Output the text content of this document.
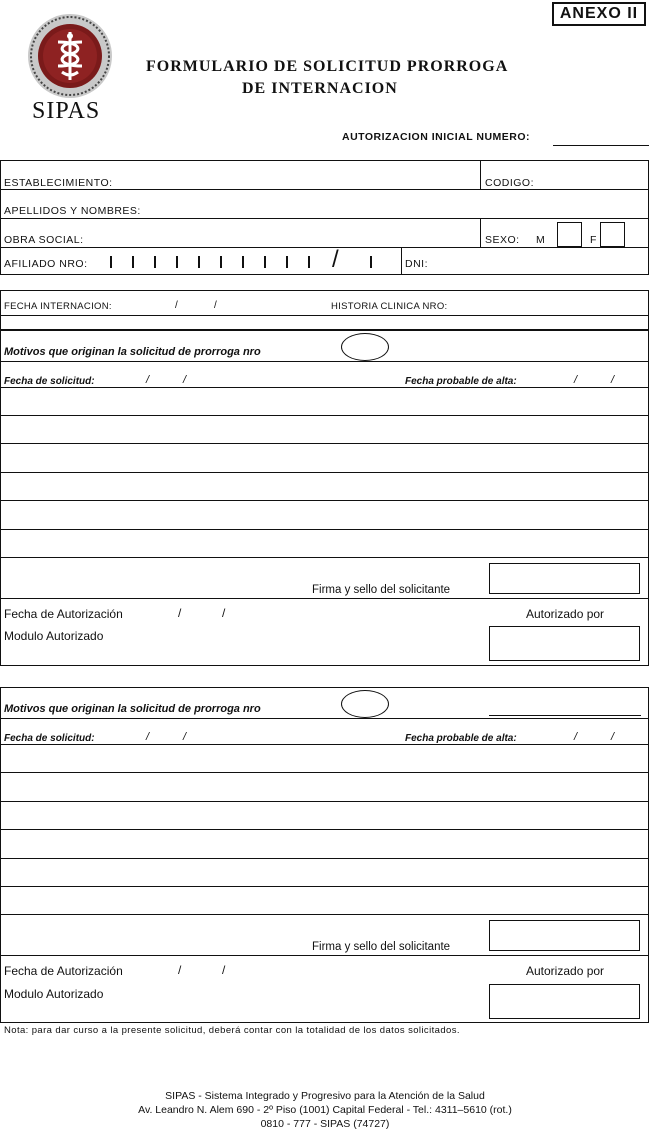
ANEXO II
SIPAS
FORMULARIO DE SOLICITUD PRORROGA
DE INTERNACION
AUTORIZACION INICIAL NUMERO:
ESTABLECIMIENTO:	CODIGO:
APELLIDOS Y NOMBRES:
OBRA SOCIAL:	SEXO: M	F
AFILIADO NRO:	/	DNI:
FECHA INTERNACION:	/	/	HISTORIA CLINICA NRO:
Motivos que originan la solicitud de prorroga nro
Fecha de solicitud:	/	/	Fecha probable de alta:	/	/
Firma y sello del solicitante
Fecha de Autorización	/	/	Autorizado por
Modulo Autorizado
Motivos que originan la solicitud de prorroga nro
Fecha de solicitud:	/	/	Fecha probable de alta:	/	/
Firma y sello del solicitante
Fecha de Autorización	/	/	Autorizado por
Modulo Autorizado
Nota: para dar curso a la presente solicitud, deberá contar con la totalidad de los datos solicitados.
SIPAS - Sistema Integrado y Progresivo para la Atención de la Salud
Av. Leandro N. Alem 690 - 2º Piso (1001) Capital Federal - Tel.: 4311–5610 (rot.)
0810 - 777 - SIPAS (74727)
